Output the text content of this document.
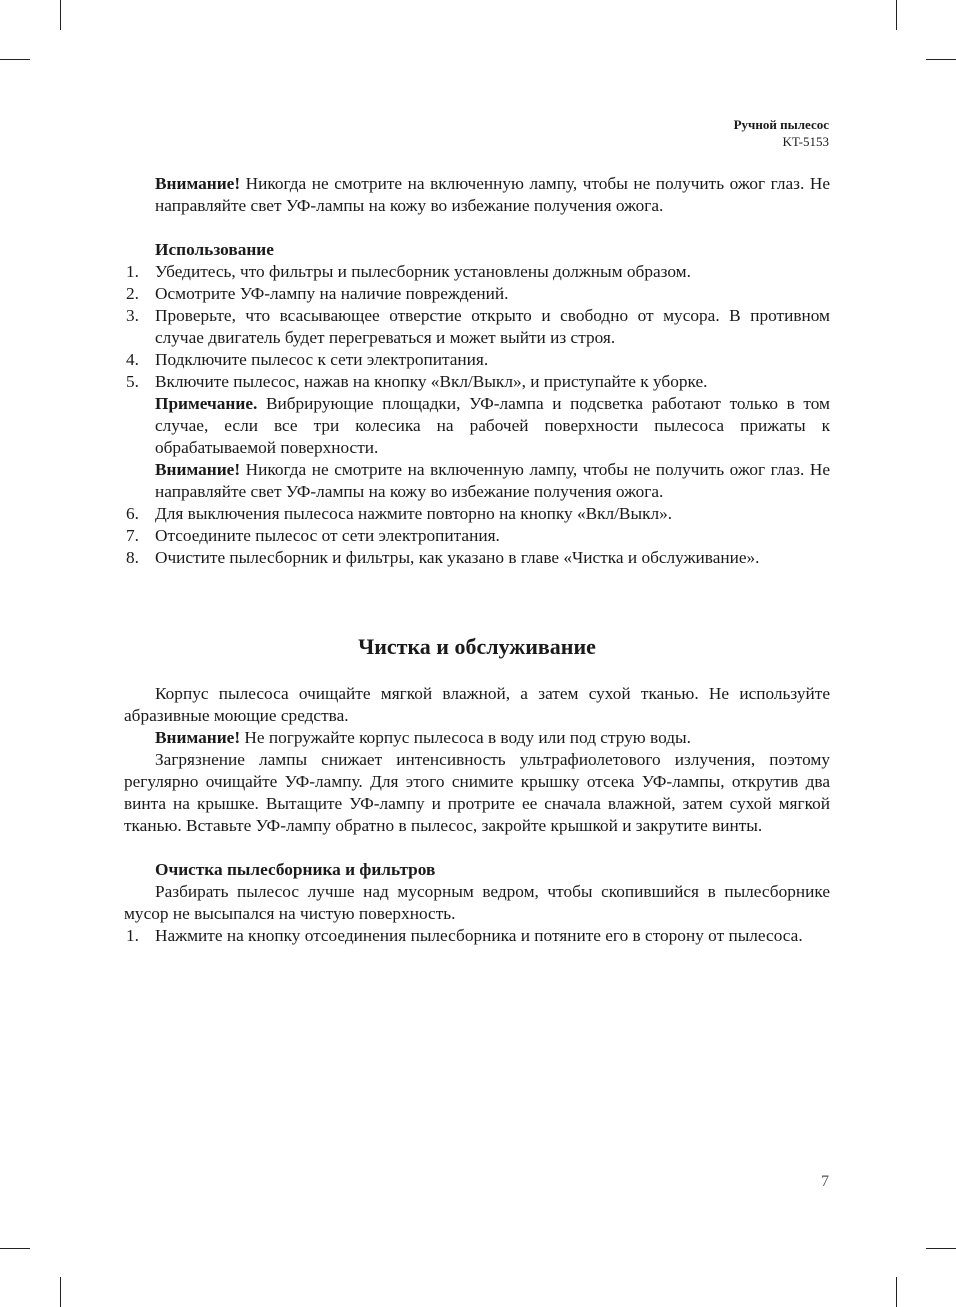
Ручной пылесос
KT-5153

Внимание! Никогда не смотрите на включенную лампу, чтобы не получить ожог глаз. Не направляйте свет УФ-лампы на кожу во избежание получения ожога.

Использование

1. Убедитесь, что фильтры и пылесборник установлены должным образом.
2. Осмотрите УФ-лампу на наличие повреждений.
3. Проверьте, что всасывающее отверстие открыто и свободно от мусора. В противном случае двигатель будет перегреваться и может выйти из строя.
4. Подключите пылесос к сети электропитания.
5. Включите пылесос, нажав на кнопку «Вкл/Выкл», и приступайте к уборке.

Примечание. Вибрирующие площадки, УФ-лампа и подсветка работают только в том случае, если все три колесика на рабочей поверхности пылесоса прижаты к обрабатываемой поверхности.

Внимание! Никогда не смотрите на включенную лампу, чтобы не получить ожог глаз. Не направляйте свет УФ-лампы на кожу во избежание получения ожога.

6. Для выключения пылесоса нажмите повторно на кнопку «Вкл/Выкл».
7. Отсоедините пылесос от сети электропитания.
8. Очистите пылесборник и фильтры, как указано в главе «Чистка и обслуживание».
Чистка и обслуживание

Корпус пылесоса очищайте мягкой влажной, а затем сухой тканью. Не используйте абразивные моющие средства.

Внимание! Не погружайте корпус пылесоса в воду или под струю воды.

Загрязнение лампы снижает интенсивность ультрафиолетового излучения, поэтому регулярно очищайте УФ-лампу. Для этого снимите крышку отсека УФ-лампы, открутив два винта на крышке. Вытащите УФ-лампу и протрите ее сначала влажной, затем сухой мягкой тканью. Вставьте УФ-лампу обратно в пылесос, закройте крышкой и закрутите винты.

Очистка пылесборника и фильтров

Разбирать пылесос лучше над мусорным ведром, чтобы скопившийся в пылесборнике мусор не высыпался на чистую поверхность.

1. Нажмите на кнопку отсоединения пылесборника и потяните его в сторону от пылесоса.
7
